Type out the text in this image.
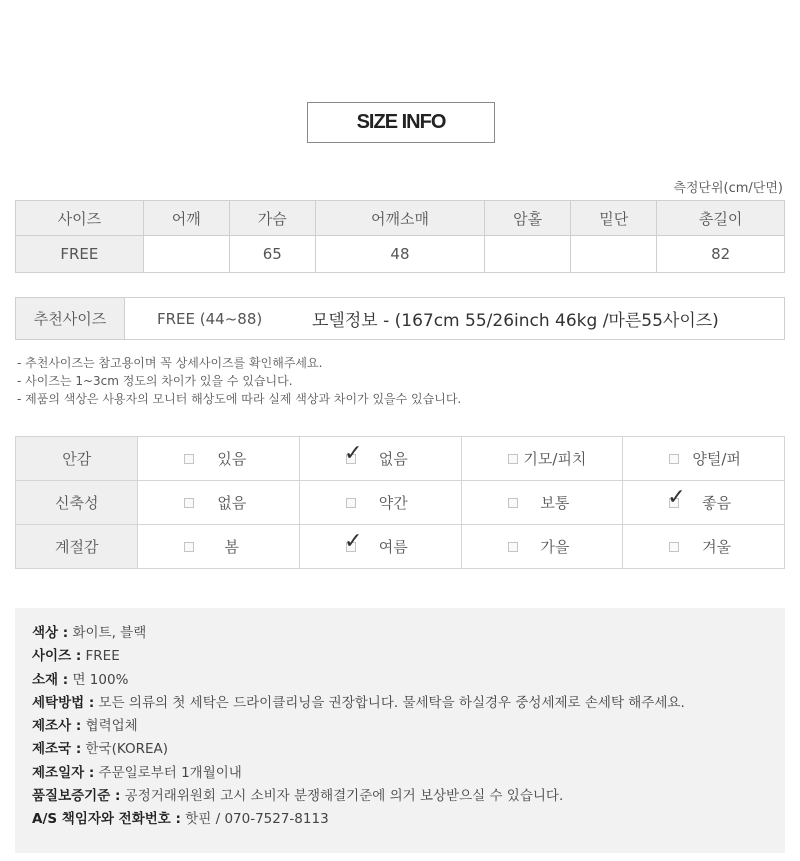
SIZE INFO
측정단위(cm/단면)
사이즈	어깨	가슴	어깨소매	암홀	밑단	총길이
FREE		65	48			82
추천사이즈	FREE (44~88)	모델정보 - (167cm 55/26inch 46kg /마른55사이즈)
- 추천사이즈는 참고용이며 꼭 상세사이즈를 확인해주세요.
- 사이즈는 1~3cm 정도의 차이가 있을 수 있습니다.
- 제품의 색상은 사용자의 모니터 해상도에 따라 실제 색상과 차이가 있을수 있습니다.
안감	있음	✓ 없음	기모/피치	양털/퍼

신축성	없음	약간	보통	✓ 좋음

계절감	봄	✓ 여름	가을	겨울
색상 : 화이트, 블랙
사이즈 : FREE
소재 : 면 100%
세탁방법 : 모든 의류의 첫 세탁은 드라이클리닝을 권장합니다. 물세탁을 하실경우 중성세제로 손세탁 해주세요.
제조사 : 협력업체
제조국 : 한국(KOREA)
제조일자 : 주문일로부터 1개월이내
품질보증기준 : 공정거래위원회 고시 소비자 분쟁해결기준에 의거 보상받으실 수 있습니다.
A/S 책임자와 전화번호 : 핫핀 / 070-7527-8113
